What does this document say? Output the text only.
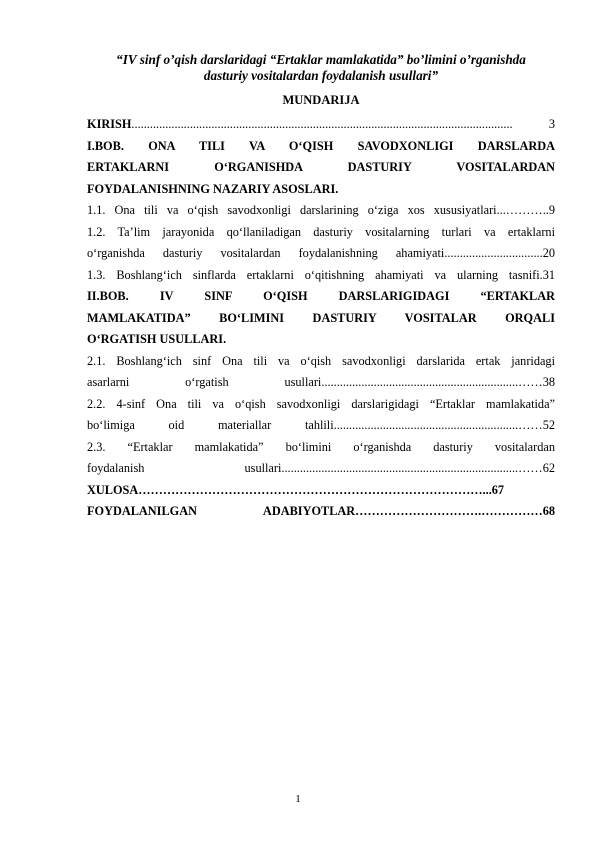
“IV sinf o’qish darslaridagi “Ertaklar mamlakatida” bo’limini o’rganishda
dasturiy vositalardan foydalanish usullari”

MUNDARIJA
KIRISH ............................................................................................................................	3
I.BOB. ONA TILI VA O‘QISH SAVODXONLIGI DARSLARDA
ERTAKLARNI O‘RGANISHDA DASTURIY VOSITALARDAN
FOYDALANISHNING NAZARIY ASOSLARI.
1.1. Ona tili va o‘qish savodxonligi darslarining o‘ziga xos xususiyatlari...………..9
1.2. Ta’lim jarayonida qo‘llaniladigan dasturiy vositalarning turlari va ertaklarni
o‘rganishda dasturiy vositalardan foydalanishning ahamiyati................................20
1.3. Boshlang‘ich sinflarda ertaklarni o‘qitishning ahamiyati va ularning tasnifi.31
II.BOB. IV SINF O‘QISH DARSLARIGIDAGI “ERTAKLAR
MAMLAKATIDA” BO‘LIMINI DASTURIY VOSITALAR ORQALI
O‘RGATISH USULLARI.
2.1. Boshlang‘ich sinf Ona tili va o‘qish savodxonligi darslarida ertak janridagi
asarlarni o‘rgatish usullari................................................................……38
2.2. 4-sinf Ona tili va o‘qish savodxonligi darslarigidagi “Ertaklar mamlakatida”
bo‘limiga oid materiallar tahlili............................................................……52
2.3. “Ertaklar mamlakatida” bo‘limini o‘rganishda dasturiy vositalardan
foydalanish usullari.............................................................................……62
XULOSA…………………………………………………………………………...67
FOYDALANILGAN ADABIYOTLAR………………………….……………68
1
